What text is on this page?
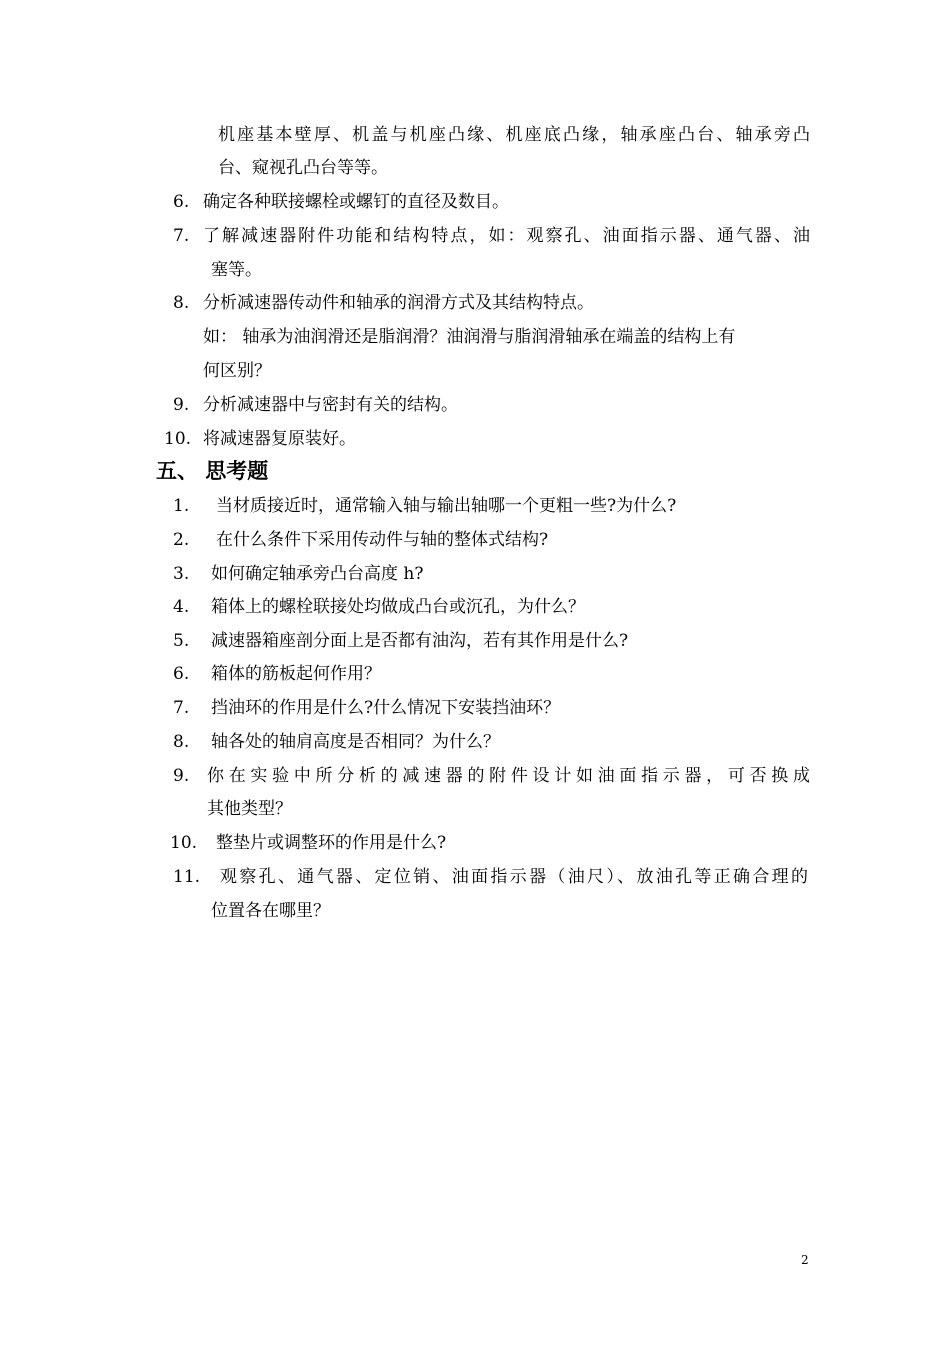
机座基本壁厚、机盖与机座凸缘、机座底凸缘，轴承座凸台、轴承旁凸
台、窥视孔凸台等等。
6. 确定各种联接螺栓或螺钉的直径及数目。
7. 了解减速器附件功能和结构特点，如：观察孔、油面指示器、通气器、油
塞等。
8. 分析减速器传动件和轴承的润滑方式及其结构特点。
如： 轴承为油润滑还是脂润滑？油润滑与脂润滑轴承在端盖的结构上有
何区别？
9. 分析减速器中与密封有关的结构。
10. 将减速器复原装好。
五、 思考题
1. 当材质接近时，通常输入轴与输出轴哪一个更粗一些?为什么?
2. 在什么条件下采用传动件与轴的整体式结构?
3. 如何确定轴承旁凸台高度 h?
4. 箱体上的螺栓联接处均做成凸台或沉孔，为什么？
5. 减速器箱座剖分面上是否都有油沟，若有其作用是什么?
6. 箱体的筋板起何作用？
7. 挡油环的作用是什么?什么情况下安装挡油环？
8. 轴各处的轴肩高度是否相同？为什么？
9. 你在实验中所分析的减速器的附件设计如油面指示器，可否换成
其他类型？
10. 整垫片或调整环的作用是什么?
11. 观察孔、通气器、定位销、油面指示器（油尺）、放油孔等正确合理的
位置各在哪里？
2
